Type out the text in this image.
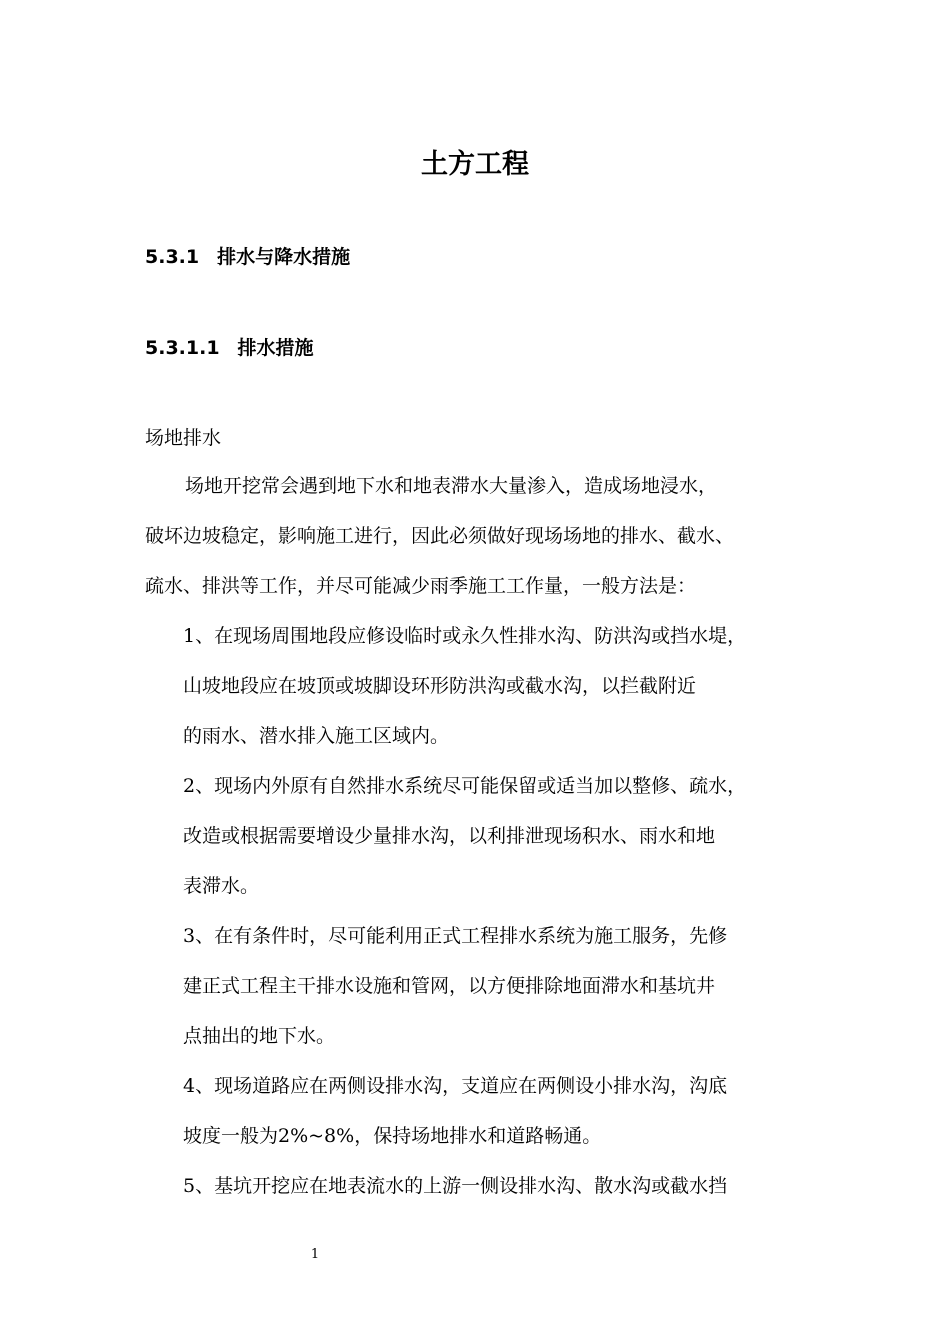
土方工程
5.3.1 排水与降水措施
5.3.1.1 排水措施

场地排水

场地开挖常会遇到地下水和地表滞水大量渗入，造成场地浸水，

破坏边坡稳定，影响施工进行，因此必须做好现场场地的排水、截水、

疏水、排洪等工作，并尽可能减少雨季施工工作量，一般方法是：

1、在现场周围地段应修设临时或永久性排水沟、防洪沟或挡水堤，

山坡地段应在坡顶或坡脚设环形防洪沟或截水沟，以拦截附近

的雨水、潜水排入施工区域内。

2、现场内外原有自然排水系统尽可能保留或适当加以整修、疏水，

改造或根据需要增设少量排水沟，以利排泄现场积水、雨水和地

表滞水。

3、在有条件时，尽可能利用正式工程排水系统为施工服务，先修

建正式工程主干排水设施和管网，以方便排除地面滞水和基坑井

点抽出的地下水。

4、现场道路应在两侧设排水沟，支道应在两侧设小排水沟，沟底

坡度一般为2%~8%，保持场地排水和道路畅通。

5、基坑开挖应在地表流水的上游一侧设排水沟、散水沟或截水挡

1
